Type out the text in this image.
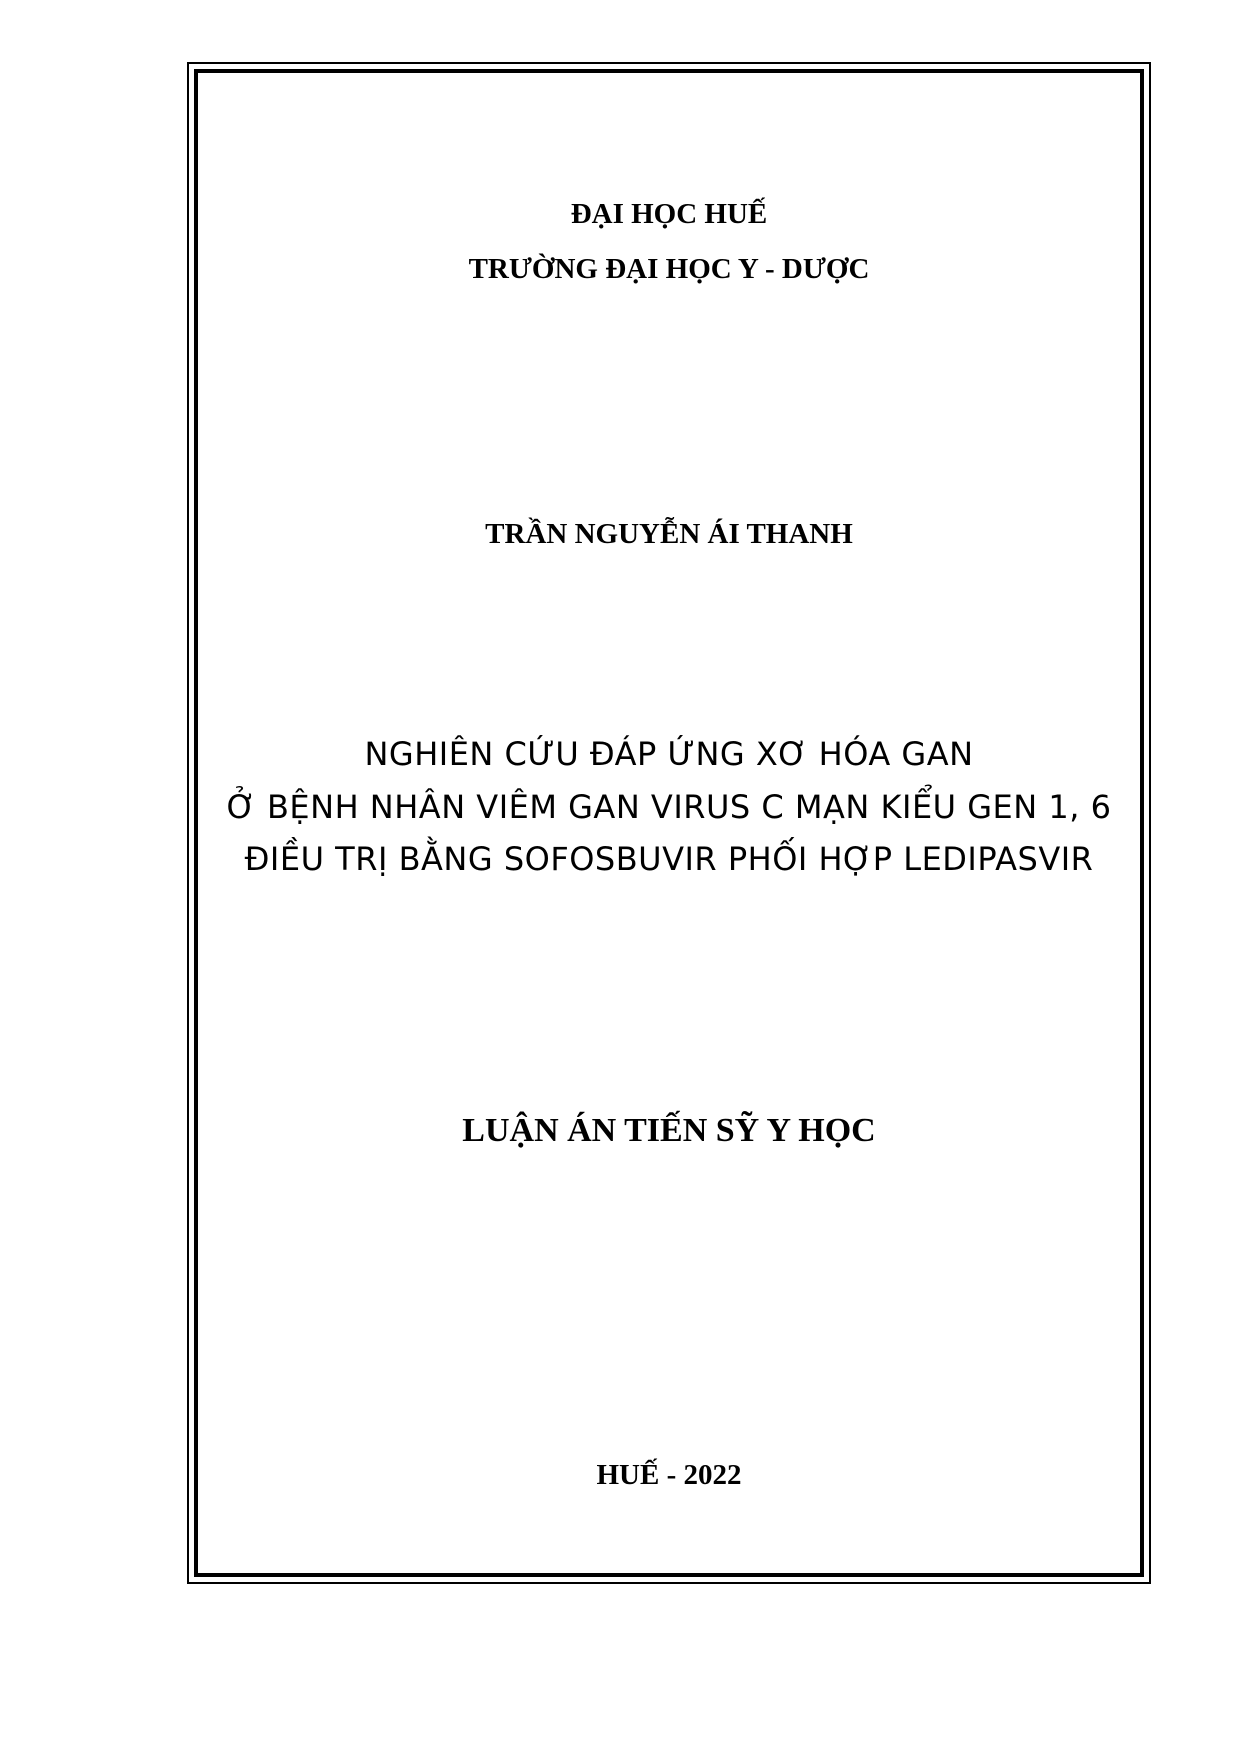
ĐẠI HỌC HUẾ
TRƯỜNG ĐẠI HỌC Y - DƯỢC
TRẦN NGUYỄN ÁI THANH
NGHIÊN CỨU ĐÁP ỨNG XƠ HÓA GAN
Ở BỆNH NHÂN VIÊM GAN VIRUS C MẠN KIỂU GEN 1, 6
ĐIỀU TRỊ BẰNG SOFOSBUVIR PHỐI HỢP LEDIPASVIR
LUẬN ÁN TIẾN SỸ Y HỌC
HUẾ - 2022
